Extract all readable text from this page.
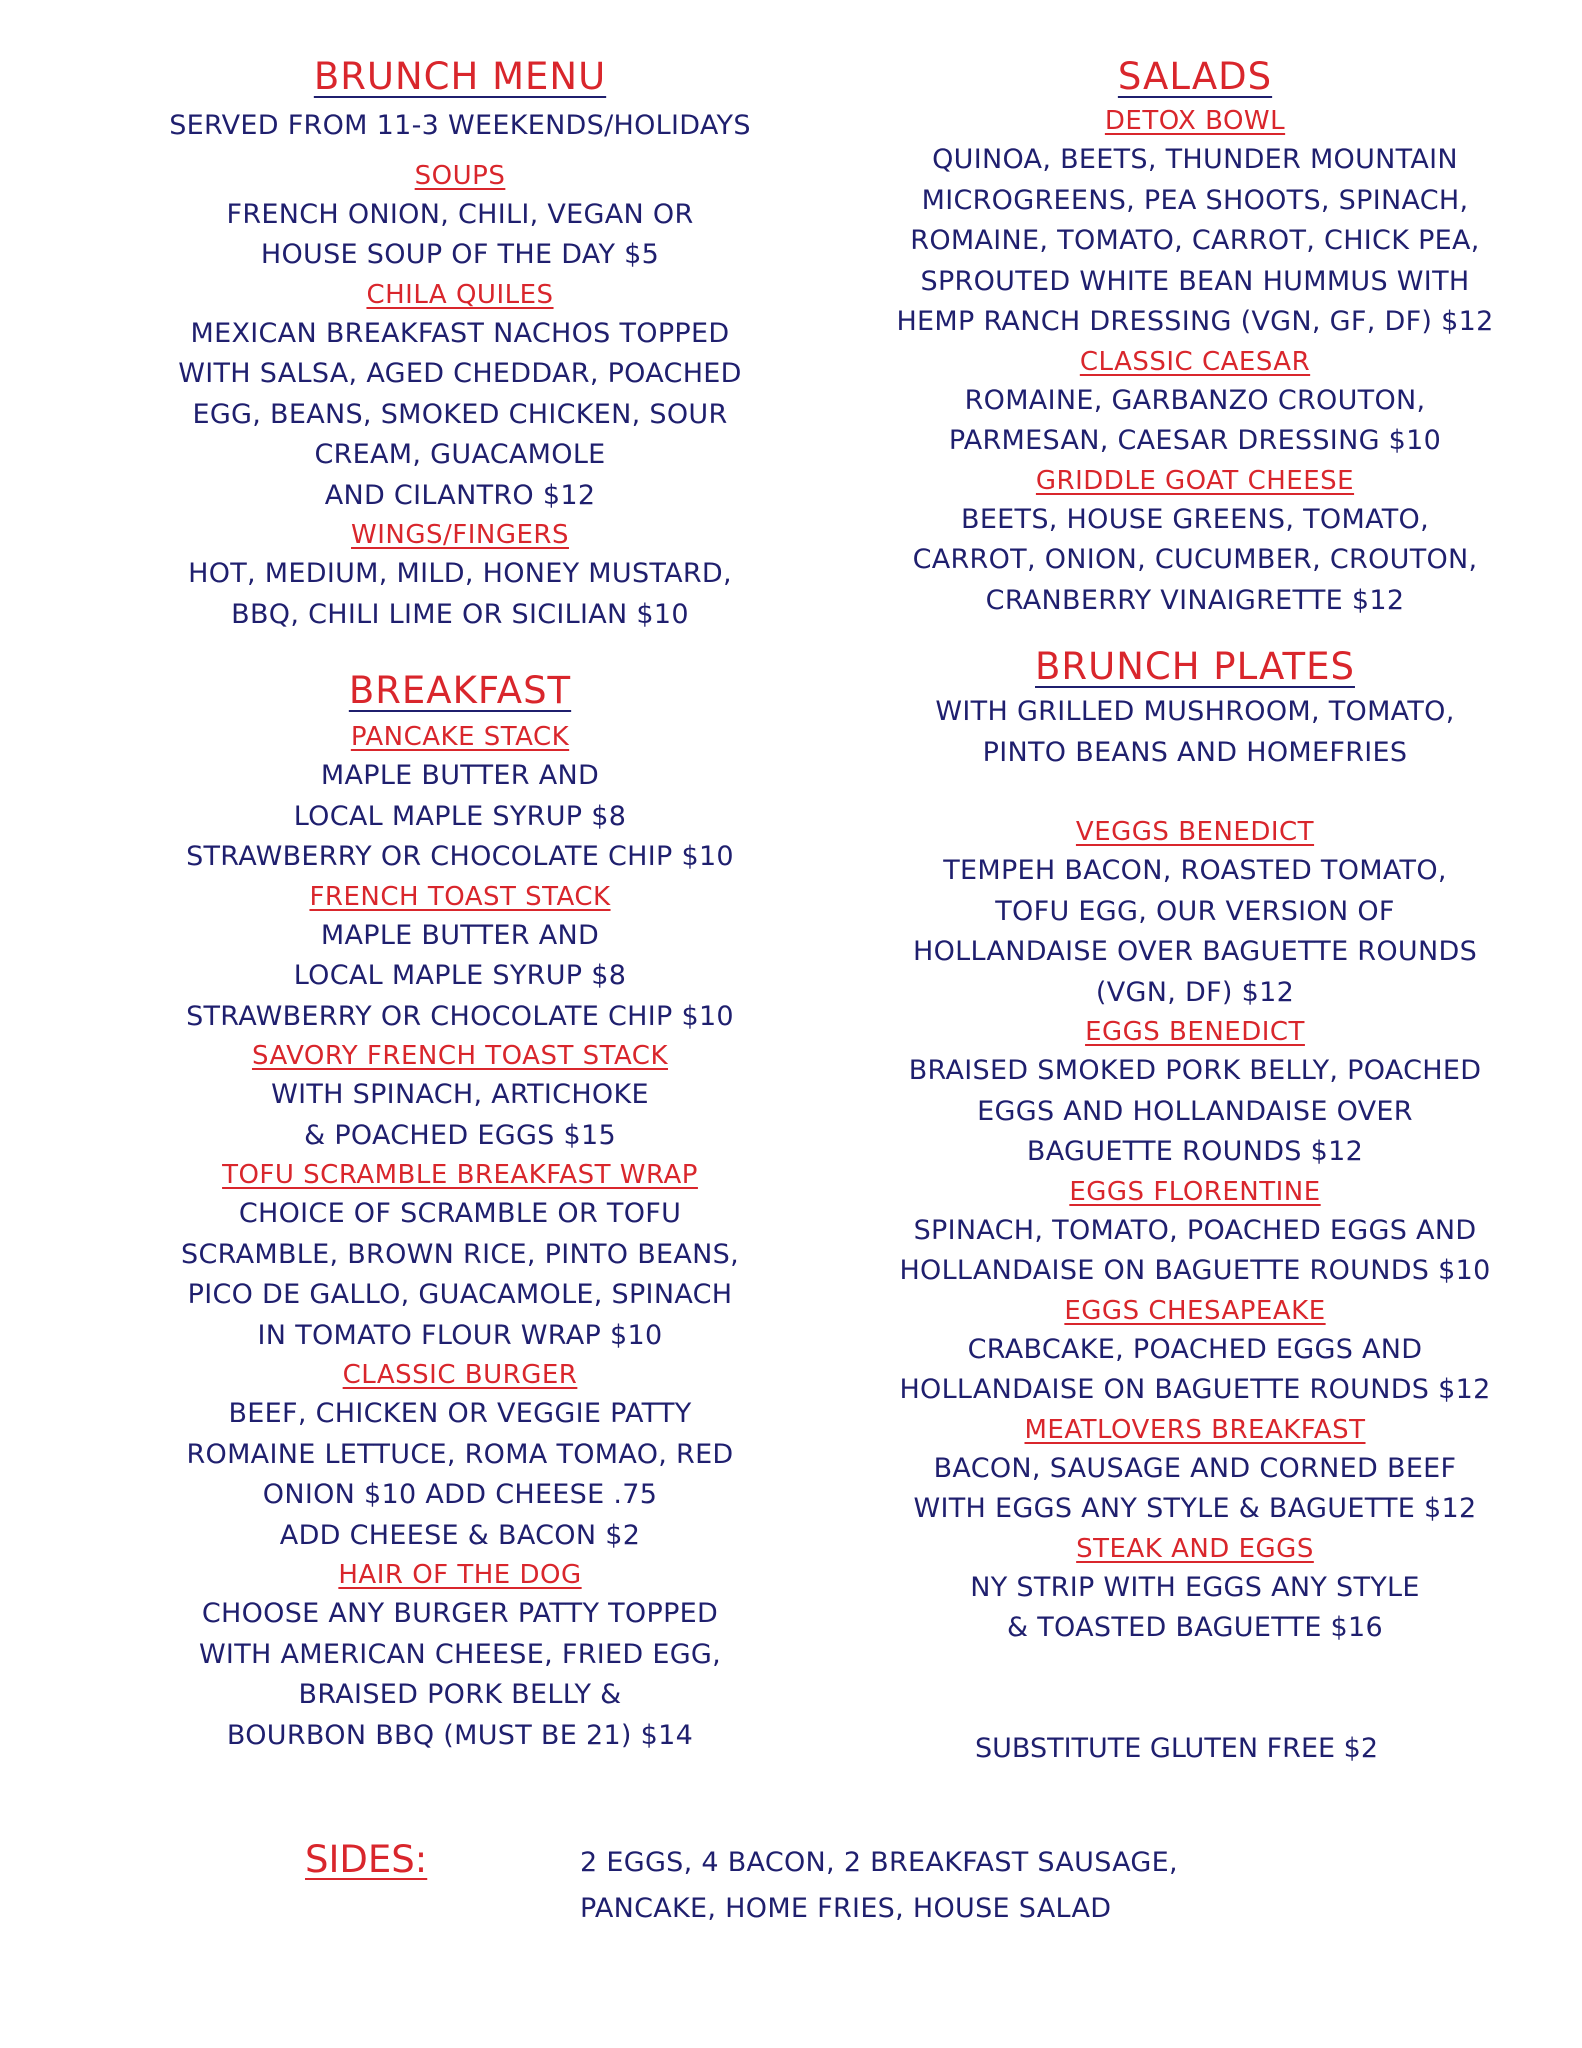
BRUNCH MENU
SERVED FROM 11-3 WEEKENDS/HOLIDAYS
SOUPS
FRENCH ONION, CHILI, VEGAN OR
HOUSE SOUP OF THE DAY $5
CHILA QUILES
MEXICAN BREAKFAST NACHOS TOPPED
WITH SALSA, AGED CHEDDAR, POACHED
EGG, BEANS, SMOKED CHICKEN, SOUR
CREAM, GUACAMOLE
AND CILANTRO $12
WINGS/FINGERS
HOT, MEDIUM, MILD, HONEY MUSTARD,
BBQ, CHILI LIME OR SICILIAN $10
BREAKFAST
PANCAKE STACK
MAPLE BUTTER AND
LOCAL MAPLE SYRUP $8
STRAWBERRY OR CHOCOLATE CHIP $10
FRENCH TOAST STACK
MAPLE BUTTER AND
LOCAL MAPLE SYRUP $8
STRAWBERRY OR CHOCOLATE CHIP $10
SAVORY FRENCH TOAST STACK
WITH SPINACH, ARTICHOKE
& POACHED EGGS $15
TOFU SCRAMBLE BREAKFAST WRAP
CHOICE OF SCRAMBLE OR TOFU
SCRAMBLE, BROWN RICE, PINTO BEANS,
PICO DE GALLO, GUACAMOLE, SPINACH
IN TOMATO FLOUR WRAP $10
CLASSIC BURGER
BEEF, CHICKEN OR VEGGIE PATTY
ROMAINE LETTUCE, ROMA TOMAO, RED
ONION $10 ADD CHEESE .75
ADD CHEESE & BACON $2
HAIR OF THE DOG
CHOOSE ANY BURGER PATTY TOPPED
WITH AMERICAN CHEESE, FRIED EGG,
BRAISED PORK BELLY &
BOURBON BBQ (MUST BE 21) $14
SALADS
DETOX BOWL
QUINOA, BEETS, THUNDER MOUNTAIN
MICROGREENS, PEA SHOOTS, SPINACH,
ROMAINE, TOMATO, CARROT, CHICK PEA,
SPROUTED WHITE BEAN HUMMUS WITH
HEMP RANCH DRESSING (VGN, GF, DF) $12
CLASSIC CAESAR
ROMAINE, GARBANZO CROUTON,
PARMESAN, CAESAR DRESSING $10
GRIDDLE GOAT CHEESE
BEETS, HOUSE GREENS, TOMATO,
CARROT, ONION, CUCUMBER, CROUTON,
CRANBERRY VINAIGRETTE $12
BRUNCH PLATES
WITH GRILLED MUSHROOM, TOMATO,
PINTO BEANS AND HOMEFRIES
VEGGS BENEDICT
TEMPEH BACON, ROASTED TOMATO,
TOFU EGG, OUR VERSION OF
HOLLANDAISE OVER BAGUETTE ROUNDS
(VGN, DF) $12
EGGS BENEDICT
BRAISED SMOKED PORK BELLY, POACHED
EGGS AND HOLLANDAISE OVER
BAGUETTE ROUNDS $12
EGGS FLORENTINE
SPINACH, TOMATO, POACHED EGGS AND
HOLLANDAISE ON BAGUETTE ROUNDS $10
EGGS CHESAPEAKE
CRABCAKE, POACHED EGGS AND
HOLLANDAISE ON BAGUETTE ROUNDS $12
MEATLOVERS BREAKFAST
BACON, SAUSAGE AND CORNED BEEF
WITH EGGS ANY STYLE & BAGUETTE $12
STEAK AND EGGS
NY STRIP WITH EGGS ANY STYLE
& TOASTED BAGUETTE $16
SUBSTITUTE GLUTEN FREE $2
SIDES:	2 EGGS, 4 BACON, 2 BREAKFAST SAUSAGE,
PANCAKE, HOME FRIES, HOUSE SALAD
